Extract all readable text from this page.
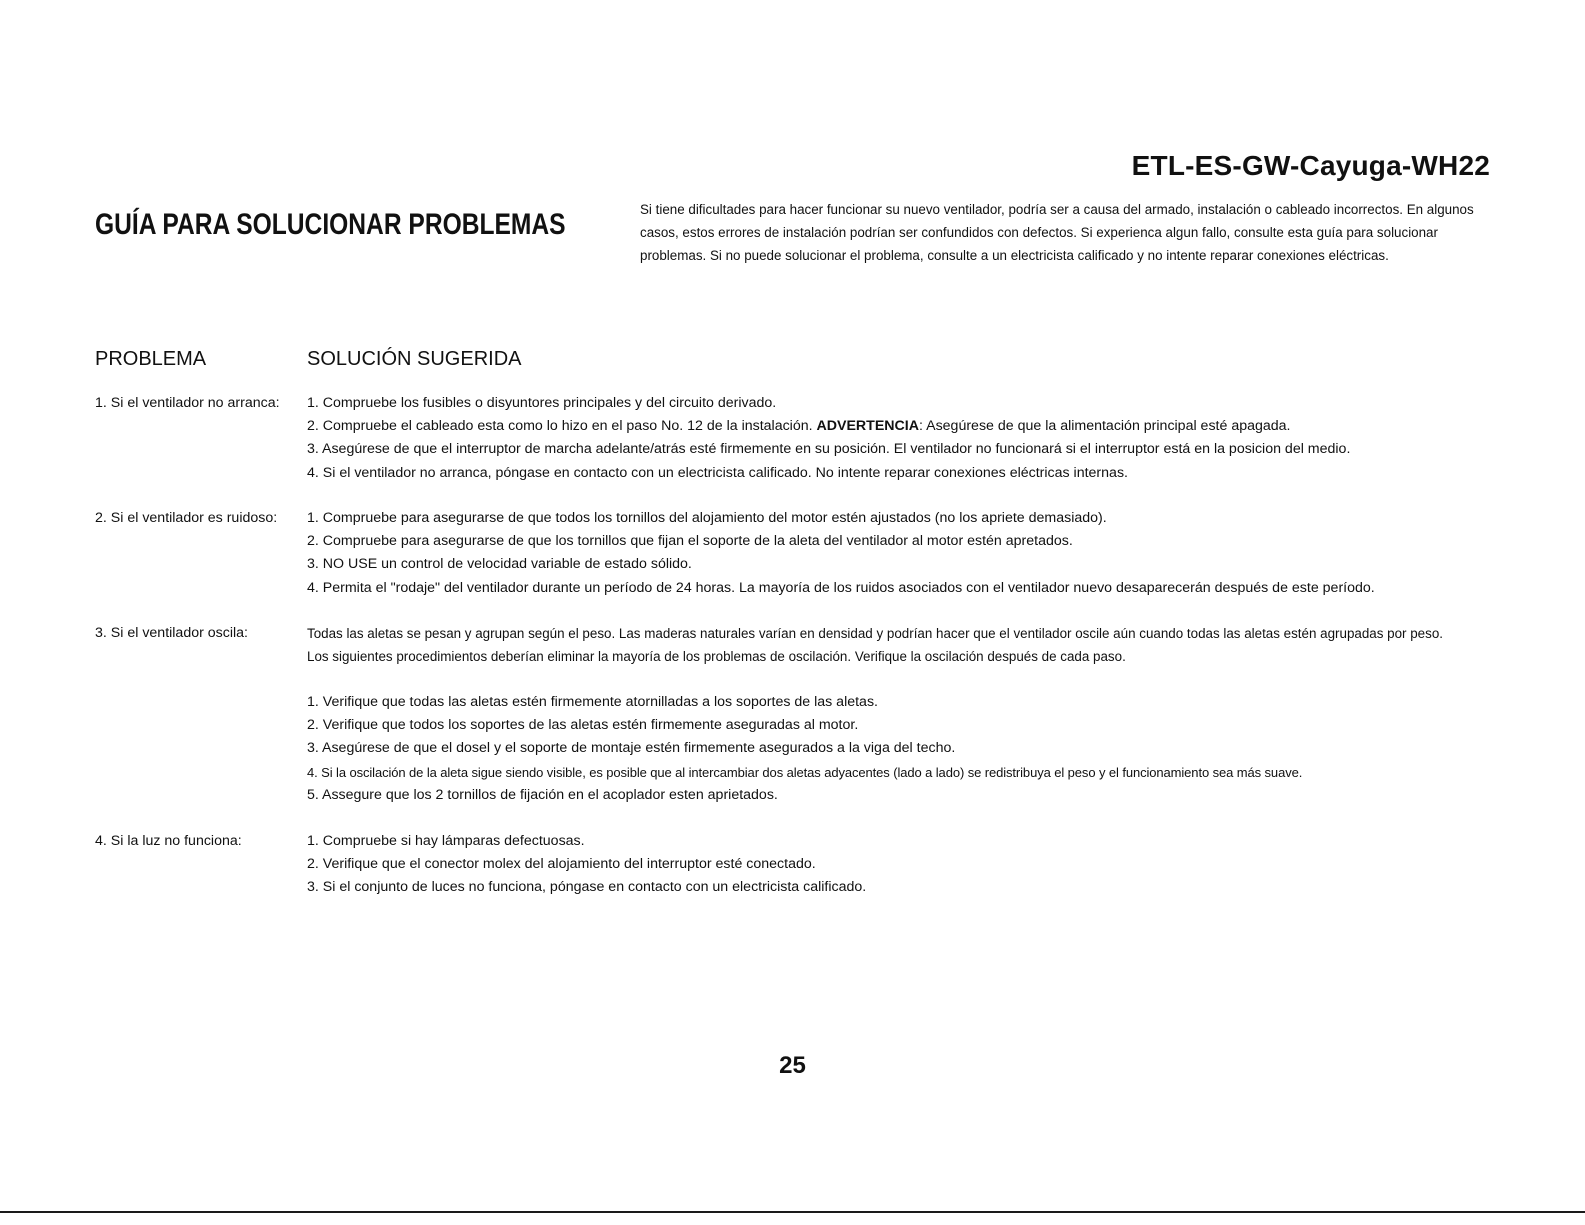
ETL-ES-GW-Cayuga-WH22
GUÍA PARA SOLUCIONAR PROBLEMAS	Si tiene dificultades para hacer funcionar su nuevo ventilador, podría ser a causa del armado, instalación o cableado incorrectos. En algunos casos, estos errores de instalación podrían ser confundidos con defectos. Si experienca algun fallo, consulte esta guía para solucionar problemas. Si no puede solucionar el problema, consulte a un electricista calificado y no intente reparar conexiones eléctricas.
PROBLEMA	SOLUCIÓN SUGERIDA
1. Si el ventilador no arranca: 1. Compruebe los fusibles o disyuntores principales y del circuito derivado.
2. Compruebe el cableado esta como lo hizo en el paso No. 12 de la instalación. ADVERTENCIA: Asegúrese de que la alimentación principal esté apagada.
3. Asegúrese de que el interruptor de marcha adelante/atrás esté firmemente en su posición. El ventilador no funcionará si el interruptor está en la posicion del medio.
4. Si el ventilador no arranca, póngase en contacto con un electricista calificado. No intente reparar conexiones eléctricas internas.
2. Si el ventilador es ruidoso: 1. Compruebe para asegurarse de que todos los tornillos del alojamiento del motor estén ajustados (no los apriete demasiado).
2. Compruebe para asegurarse de que los tornillos que fijan el soporte de la aleta del ventilador al motor estén apretados.
3. NO USE un control de velocidad variable de estado sólido.
4. Permita el "rodaje" del ventilador durante un período de 24 horas. La mayoría de los ruidos asociados con el ventilador nuevo desaparecerán después de este período.
3. Si el ventilador oscila:	Todas las aletas se pesan y agrupan según el peso. Las maderas naturales varían en densidad y podrían hacer que el ventilador oscile aún cuando todas las aletas estén agrupadas por peso. Los siguientes procedimientos deberían eliminar la mayoría de los problemas de oscilación. Verifique la oscilación después de cada paso.
1. Verifique que todas las aletas estén firmemente atornilladas a los soportes de las aletas.
2. Verifique que todos los soportes de las aletas estén firmemente aseguradas al motor.
3. Asegúrese de que el dosel y el soporte de montaje estén firmemente asegurados a la viga del techo.
4. Si la oscilación de la aleta sigue siendo visible, es posible que al intercambiar dos aletas adyacentes (lado a lado) se redistribuya el peso y el funcionamiento sea más suave.
5. Assegure que los 2 tornillos de fijación en el acoplador esten aprietados.
4. Si la luz no funciona:	1. Compruebe si hay lámparas defectuosas.
2. Verifique que el conector molex del alojamiento del interruptor esté conectado.
3. Si el conjunto de luces no funciona, póngase en contacto con un electricista calificado.
25
